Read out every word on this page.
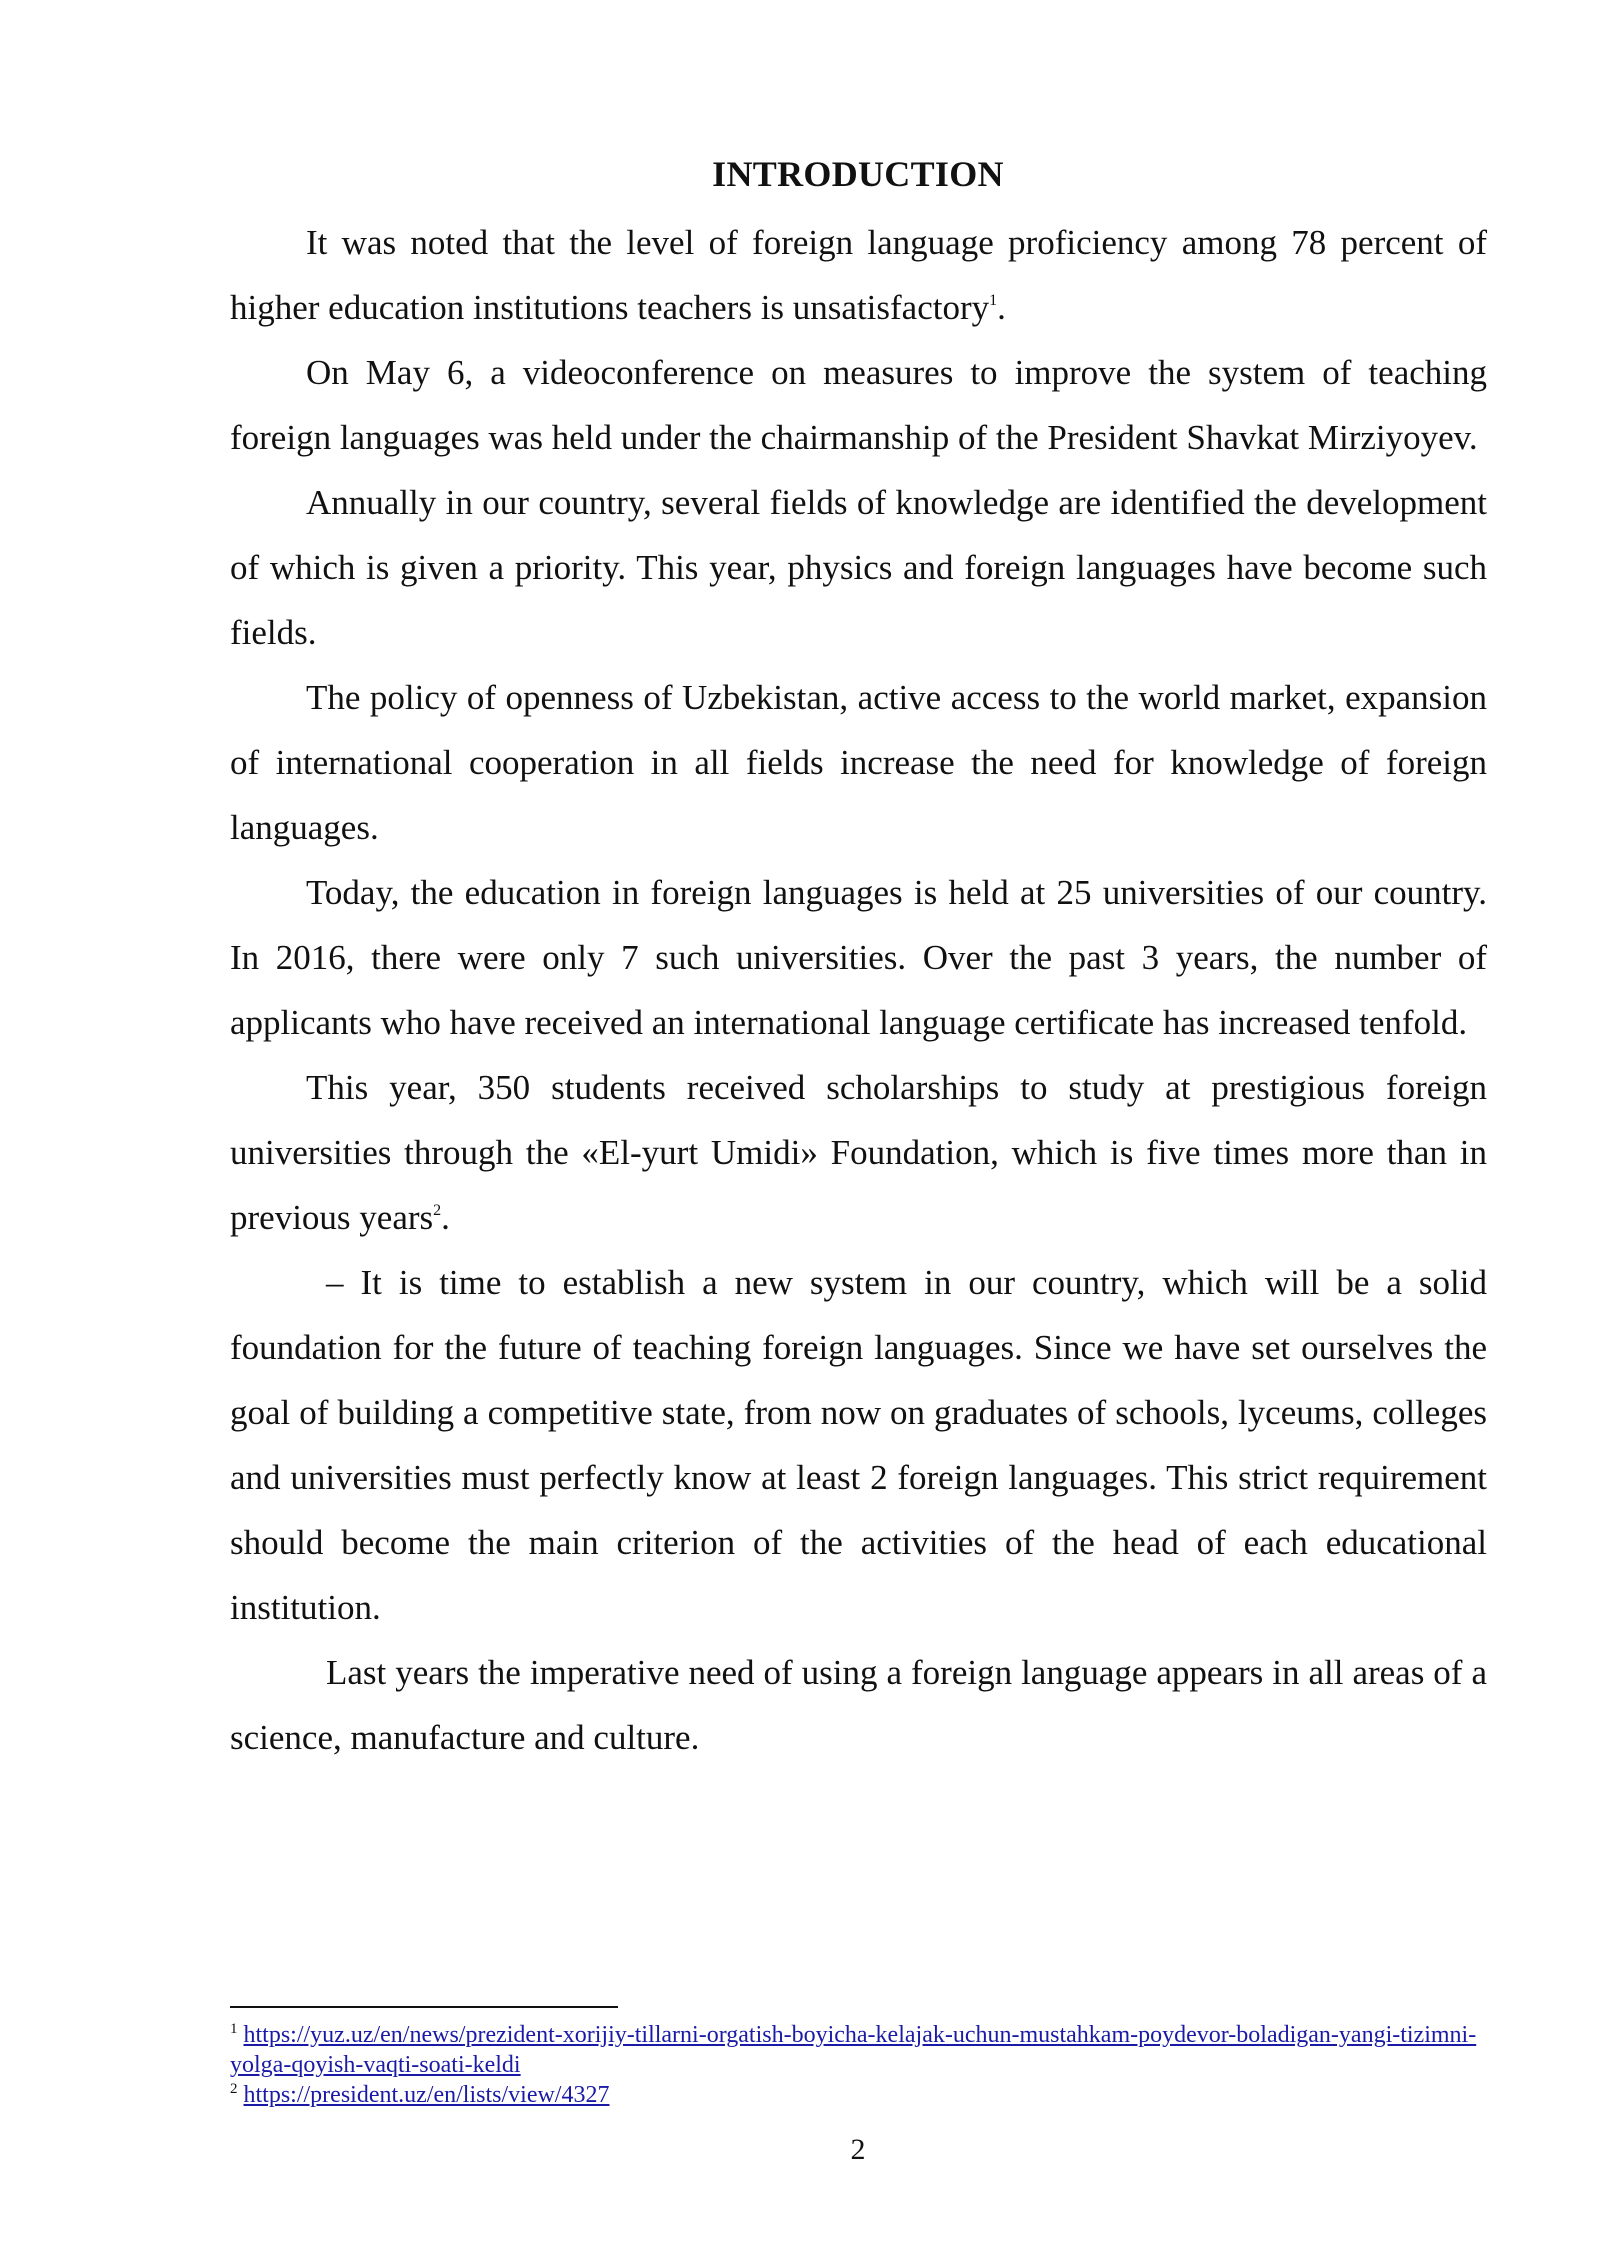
INTRODUCTION

It was noted that the level of foreign language proficiency among 78 percent of higher education institutions teachers is unsatisfactory$^1$.

On May 6, a videoconference on measures to improve the system of teaching foreign languages was held under the chairmanship of the President Shavkat Mirziyoyev.

Annually in our country, several fields of knowledge are identified the development of which is given a priority. This year, physics and foreign languages have become such fields.

The policy of openness of Uzbekistan, active access to the world market, expansion of international cooperation in all fields increase the need for knowledge of foreign languages.

Today, the education in foreign languages is held at 25 universities of our country. In 2016, there were only 7 such universities. Over the past 3 years, the number of applicants who have received an international language certificate has increased tenfold.

This year, 350 students received scholarships to study at prestigious foreign universities through the «El-yurt Umidi» Foundation, which is five times more than in previous years$^2$.

– It is time to establish a new system in our country, which will be a solid foundation for the future of teaching foreign languages. Since we have set ourselves the goal of building a competitive state, from now on graduates of schools, lyceums, colleges and universities must perfectly know at least 2 foreign languages. This strict requirement should become the main criterion of the activities of the head of each educational institution.

Last years the imperative need of using a foreign language appears in all areas of a science, manufacture and culture.

$^1$ https://yuz.uz/en/news/prezident-xorijiy-tillarni-orgatish-boyicha-kelajak-uchun-mustahkam-poydevor-boladigan-yangi-tizimni-yolga-qoyish-vaqti-soati-keldi

$^2$ https://president.uz/en/lists/view/4327

2
